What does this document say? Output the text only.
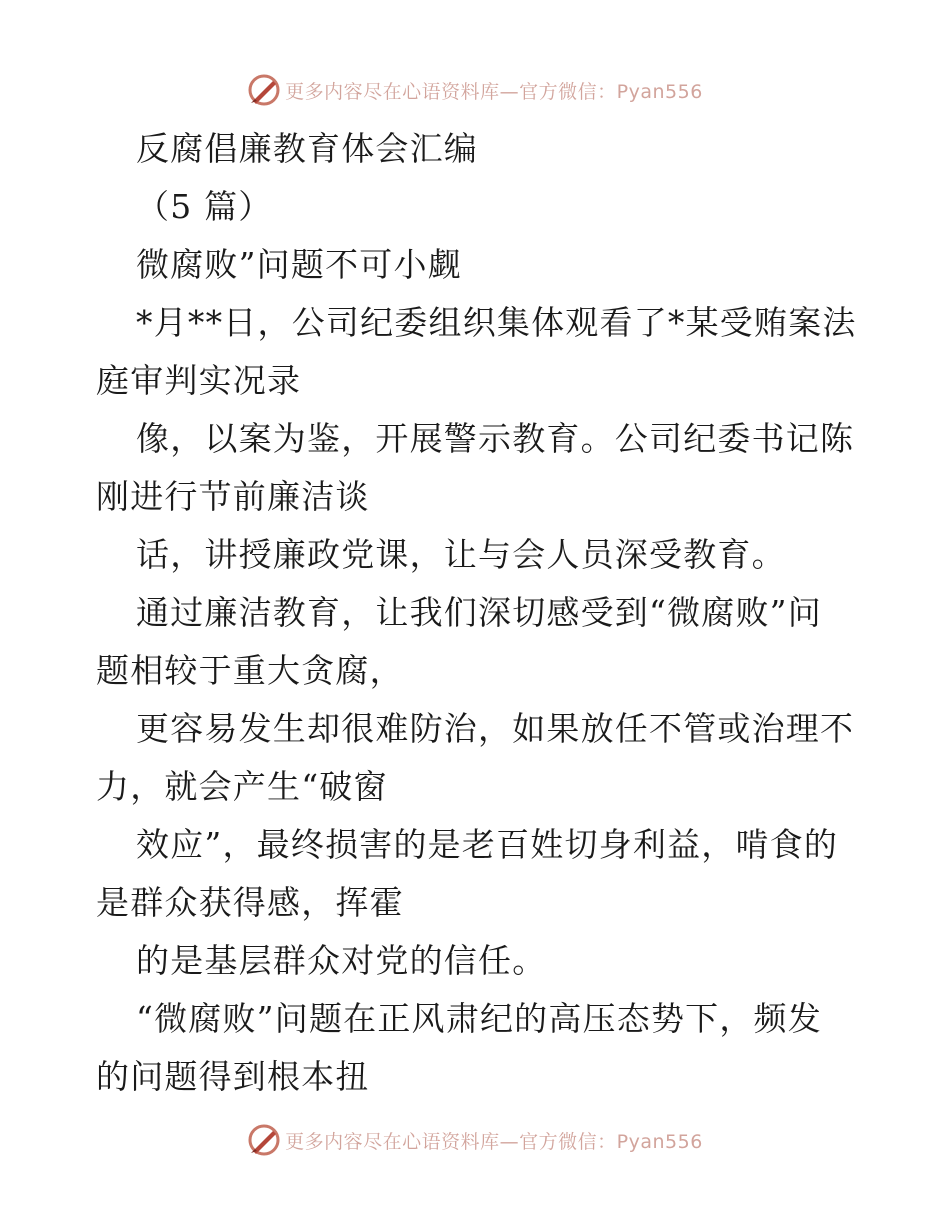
更多内容尽在心语资料库—官方微信：Pyan556
反腐倡廉教育体会汇编
（5 篇）
微腐败”问题不可小觑
*月**日，公司纪委组织集体观看了*某受贿案法
庭审判实况录
像，以案为鉴，开展警示教育。公司纪委书记陈
刚进行节前廉洁谈
话，讲授廉政党课，让与会人员深受教育。
通过廉洁教育，让我们深切感受到“微腐败”问
题相较于重大贪腐，
更容易发生却很难防治，如果放任不管或治理不
力，就会产生“破窗
效应”，最终损害的是老百姓切身利益，啃食的
是群众获得感，挥霍
的是基层群众对党的信任。
“微腐败”问题在正风肃纪的高压态势下，频发
的问题得到根本扭
更多内容尽在心语资料库—官方微信：Pyan556
